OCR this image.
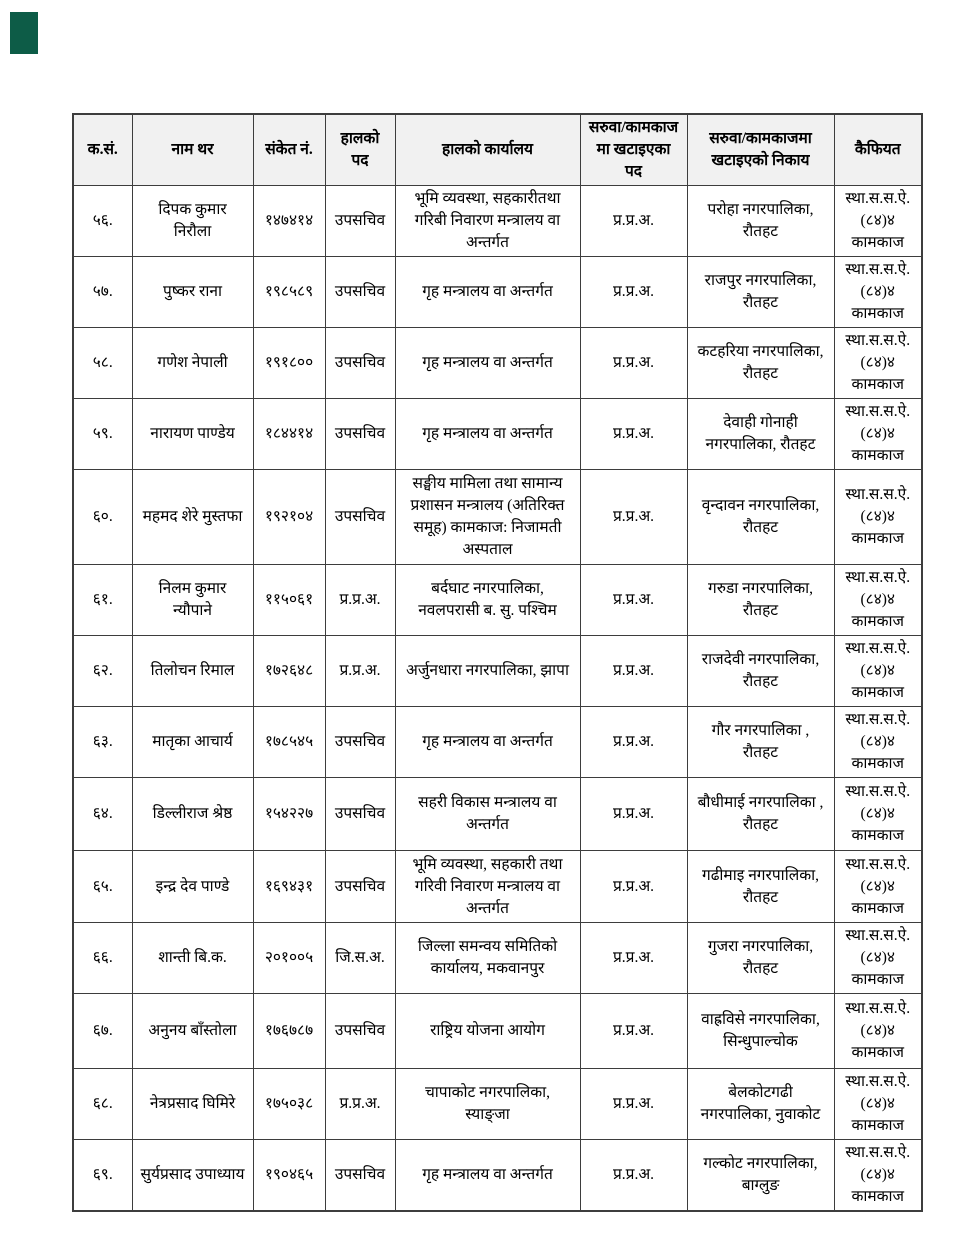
क.सं.	नाम थर	संकेत नं.	हालको पद	हालको कार्यालय	सरुवा/कामकाज मा खटाइएका पद	सरुवा/कामकाजमा खटाइएको निकाय	कैफियत
५६.	दिपक कुमार निरौला	१४७४१४	उपसचिव	भूमि व्यवस्था, सहकारीतथा गरिबी निवारण मन्त्रालय वा अन्तर्गत	प्र.प्र.अ.	परोहा नगरपालिका, रौतहट	स्था.स.स.ऐ. (८४)४ कामकाज
५७.	पुष्कर राना	१९८५८९	उपसचिव	गृह मन्त्रालय वा अन्तर्गत	प्र.प्र.अ.	राजपुर नगरपालिका, रौतहट	स्था.स.स.ऐ. (८४)४ कामकाज
५८.	गणेश नेपाली	१९१८००	उपसचिव	गृह मन्त्रालय वा अन्तर्गत	प्र.प्र.अ.	कटहरिया नगरपालिका, रौतहट	स्था.स.स.ऐ. (८४)४ कामकाज
५९.	नारायण पाण्डेय	१८४४१४	उपसचिव	गृह मन्त्रालय वा अन्तर्गत	प्र.प्र.अ.	देवाही गोनाही नगरपालिका, रौतहट	स्था.स.स.ऐ. (८४)४ कामकाज
६०.	महमद शेरे मुस्तफा	१९२१०४	उपसचिव	सङ्घीय मामिला तथा सामान्य प्रशासन मन्त्रालय (अतिरिक्त समूह) कामकाज: निजामती अस्पताल	प्र.प्र.अ.	वृन्दावन नगरपालिका, रौतहट	स्था.स.स.ऐ. (८४)४ कामकाज
६१.	निलम कुमार न्यौपाने	११५०६१	प्र.प्र.अ.	बर्दघाट नगरपालिका, नवलपरासी ब. सु. पश्चिम	प्र.प्र.अ.	गरुडा नगरपालिका, रौतहट	स्था.स.स.ऐ. (८४)४ कामकाज
६२.	तिलोचन रिमाल	१७२६४८	प्र.प्र.अ.	अर्जुनधारा नगरपालिका, झापा	प्र.प्र.अ.	राजदेवी नगरपालिका, रौतहट	स्था.स.स.ऐ. (८४)४ कामकाज
६३.	मातृका आचार्य	१७८५४५	उपसचिव	गृह मन्त्रालय वा अन्तर्गत	प्र.प्र.अ.	गौर नगरपालिका , रौतहट	स्था.स.स.ऐ. (८४)४ कामकाज
६४.	डिल्लीराज श्रेष्ठ	१५४२२७	उपसचिव	सहरी विकास मन्त्रालय वा अन्तर्गत	प्र.प्र.अ.	बौधीमाई नगरपालिका , रौतहट	स्था.स.स.ऐ. (८४)४ कामकाज
६५.	इन्द्र देव पाण्डे	१६९४३१	उपसचिव	भूमि व्यवस्था, सहकारी तथा गरिवी निवारण मन्त्रालय वा अन्तर्गत	प्र.प्र.अ.	गढीमाइ नगरपालिका, रौतहट	स्था.स.स.ऐ. (८४)४ कामकाज
६६.	शान्ती बि.क.	२०१००५	जि.स.अ.	जिल्ला समन्वय समितिको कार्यालय, मकवानपुर	प्र.प्र.अ.	गुजरा नगरपालिका, रौतहट	स्था.स.स.ऐ. (८४)४ कामकाज
६७.	अनुनय बाँस्तोला	१७६७८७	उपसचिव	राष्ट्रिय योजना आयोग	प्र.प्र.अ.	वाह्रविसे नगरपालिका, सिन्धुपाल्चोक	स्था.स.स.ऐ. (८४)४ कामकाज
६८.	नेत्रप्रसाद घिमिरे	१७५०३८	प्र.प्र.अ.	चापाकोट नगरपालिका, स्याङ्जा	प्र.प्र.अ.	बेलकोटगढी नगरपालिका, नुवाकोट	स्था.स.स.ऐ. (८४)४ कामकाज
६९.	सुर्यप्रसाद उपाध्याय	१९०४६५	उपसचिव	गृह मन्त्रालय वा अन्तर्गत	प्र.प्र.अ.	गल्कोट नगरपालिका, बाग्लुङ	स्था.स.स.ऐ. (८४)४ कामकाज
